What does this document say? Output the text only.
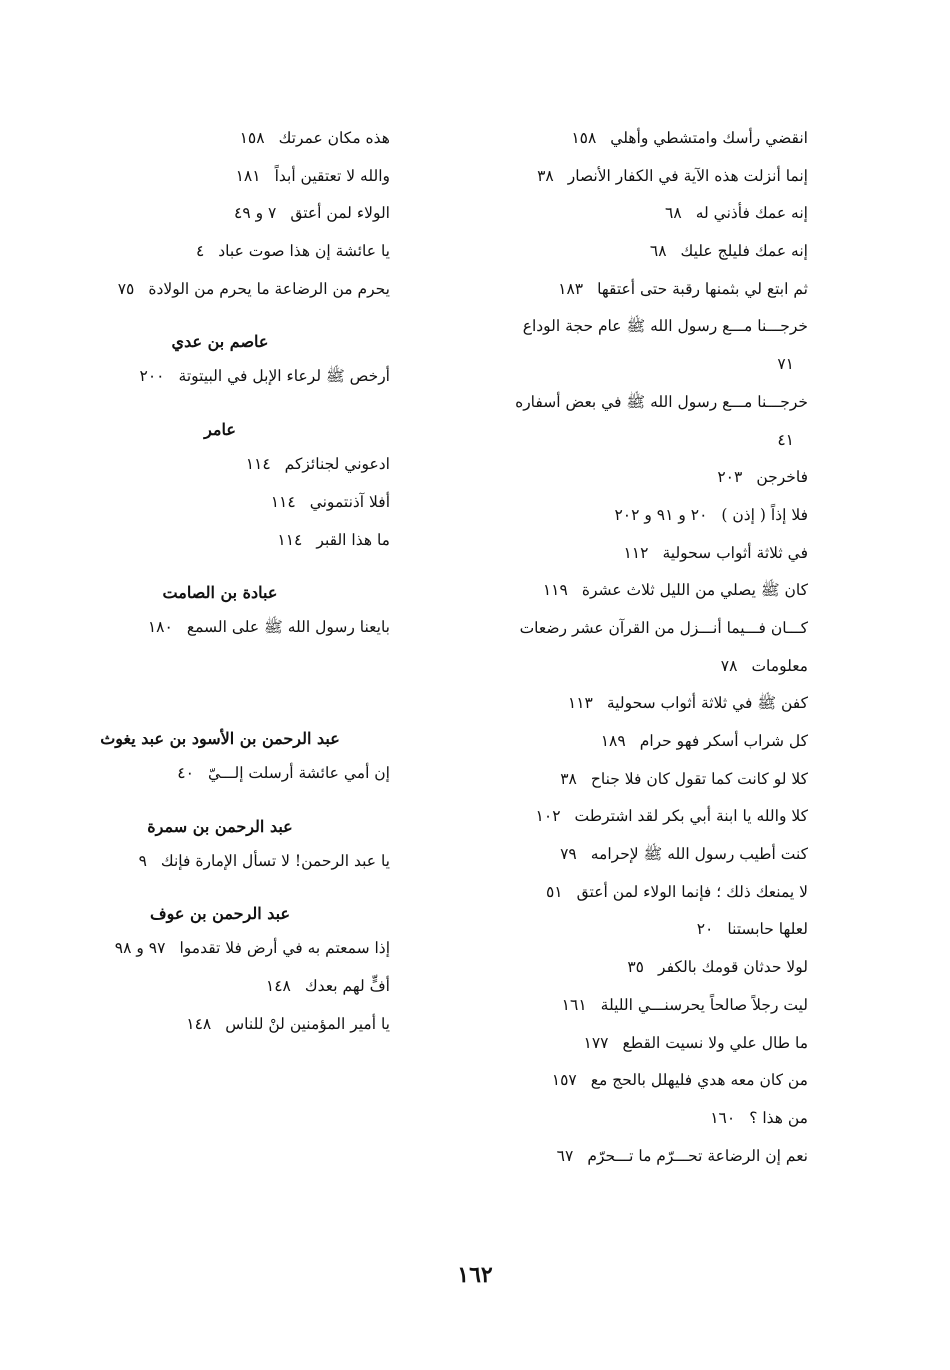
انقضي رأسك وامتشطي وأهلي١٥٨
إنما أنزلت هذه الآية في الكفار الأنصار٣٨
إنه عمك فأذني له٦٨
إنه عمك فليلج عليك٦٨
ثم ابتع لي بثمنها رقبة حتى أعتقها١٨٣
خرجـــنا مـــع رسول الله ﷺ عام حجة الوداع
٧١
خرجـــنا مـــع رسول الله ﷺ في بعض أسفاره
٤١
فاخرجن٢٠٣
فلا إذاً ( إذن )٢٠ و ٩١ و ٢٠٢
في ثلاثة أثواب سحولية١١٢
كان ﷺ يصلي من الليل ثلاث عشرة١١٩
كـــان فـــيما أنـــزل من القرآن عشر رضعات
معلومات٧٨
كفن ﷺ في ثلاثة أثواب سحولية١١٣
كل شراب أسكر فهو حرام١٨٩
كلا لو كانت كما تقول كان فلا جناح٣٨
كلا والله يا ابنة أبي بكر لقد اشترطت١٠٢
كنت أطيب رسول الله ﷺ لإحرامه٧٩
لا يمنعك ذلك ؛ فإنما الولاء لمن أعتق٥١
لعلها حابستنا٢٠
لولا حدثان قومك بالكفر٣٥
ليت رجلاً صالحاً يحرسنـــي الليلة١٦١
ما طال علي ولا نسيت القطع١٧٧
من كان معه هدي فليهلل بالحج مع١٥٧
من هذا ؟١٦٠
نعم إن الرضاعة تحـــرّم ما تـــحرّم٦٧
هذه مكان عمرتك١٥٨
والله لا تعتقين أبداً١٨١
الولاء لمن أعتق٧ و ٤٩
يا عائشة إن هذا صوت عباد٤
يحرم من الرضاعة ما يحرم من الولادة٧٥
عاصم بن عدي
أرخص ﷺ لرعاء الإبل في البيتوتة٢٠٠
عامر
ادعوني لجنائزكم١١٤
أفلا آذنتموني١١٤
ما هذا القبر١١٤
عبادة بن الصامت
بايعنا رسول الله ﷺ على السمع١٨٠
عبد الرحمن بن الأسود بن عبد يغوث
إن أمي عائشة أرسلت إلـــيّ٤٠
عبد الرحمن بن سمرة
يا عبد الرحمن! لا تسأل الإمارة فإنك٩
عبد الرحمن بن عوف
إذا سمعتم به في أرض فلا تقدموا٩٧ و ٩٨
أفٍّ لهم بعدك١٤٨
يا أمير المؤمنين لنْ للناس١٤٨
١٦٢
